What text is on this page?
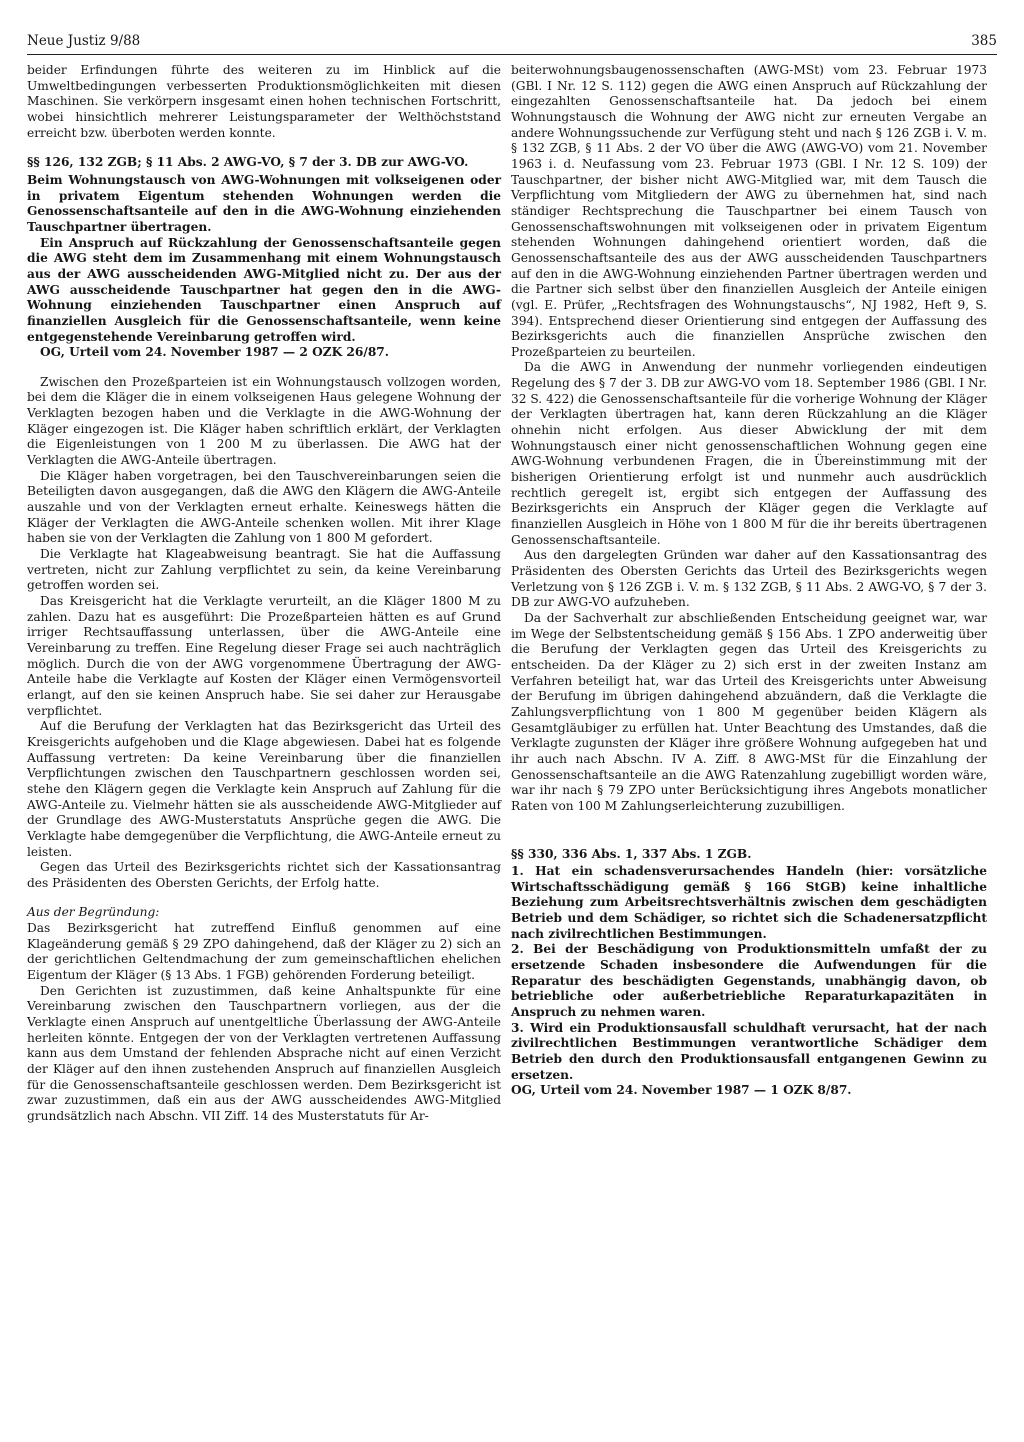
Neue Justiz 9/88	385

beider Erfindungen führte des weiteren zu im Hinblick auf die Umweltbedingungen verbesserten Produktionsmöglichkeiten mit diesen Maschinen. Sie verkörpern insgesamt einen hohen technischen Fortschritt, wobei hinsichtlich mehrerer Leistungsparameter der Welthöchststand erreicht bzw. überboten werden konnte.

§§ 126, 132 ZGB; § 11 Abs. 2 AWG-VO, § 7 der 3. DB zur AWG-VO.

Beim Wohnungstausch von AWG-Wohnungen mit volkseigenen oder in privatem Eigentum stehenden Wohnungen werden die Genossenschaftsanteile auf den in die AWG-Wohnung einziehenden Tauschpartner übertragen.

Ein Anspruch auf Rückzahlung der Genossenschaftsanteile gegen die AWG steht dem im Zusammenhang mit einem Wohnungstausch aus der AWG ausscheidenden AWG-Mitglied nicht zu. Der aus der AWG ausscheidende Tauschpartner hat gegen den in die AWG-Wohnung einziehenden Tauschpartner einen Anspruch auf finanziellen Ausgleich für die Genossenschaftsanteile, wenn keine entgegenstehende Vereinbarung getroffen wird.

OG, Urteil vom 24. November 1987 — 2 OZK 26/87.

Zwischen den Prozeßparteien ist ein Wohnungstausch vollzogen worden, bei dem die Kläger die in einem volkseigenen Haus gelegene Wohnung der Verklagten bezogen haben und die Verklagte in die AWG-Wohnung der Kläger eingezogen ist. Die Kläger haben schriftlich erklärt, der Verklagten die Eigenleistungen von 1 200 M zu überlassen. Die AWG hat der Verklagten die AWG-Anteile übertragen.

Die Kläger haben vorgetragen, bei den Tauschvereinbarungen seien die Beteiligten davon ausgegangen, daß die AWG den Klägern die AWG-Anteile auszahle und von der Verklagten erneut erhalte. Keineswegs hätten die Kläger der Verklagten die AWG-Anteile schenken wollen. Mit ihrer Klage haben sie von der Verklagten die Zahlung von 1 800 M gefordert.

Die Verklagte hat Klageabweisung beantragt. Sie hat die Auffassung vertreten, nicht zur Zahlung verpflichtet zu sein, da keine Vereinbarung getroffen worden sei.

Das Kreisgericht hat die Verklagte verurteilt, an die Kläger 1800 M zu zahlen. Dazu hat es ausgeführt: Die Prozeßparteien hätten es auf Grund irriger Rechtsauffassung unterlassen, über die AWG-Anteile eine Vereinbarung zu treffen. Eine Regelung dieser Frage sei auch nachträglich möglich. Durch die von der AWG vorgenommene Übertragung der AWG-Anteile habe die Verklagte auf Kosten der Kläger einen Vermögensvorteil erlangt, auf den sie keinen Anspruch habe. Sie sei daher zur Herausgabe verpflichtet.

Auf die Berufung der Verklagten hat das Bezirksgericht das Urteil des Kreisgerichts aufgehoben und die Klage abgewiesen. Dabei hat es folgende Auffassung vertreten: Da keine Vereinbarung über die finanziellen Verpflichtungen zwischen den Tauschpartnern geschlossen worden sei, stehe den Klägern gegen die Verklagte kein Anspruch auf Zahlung für die AWG-Anteile zu. Vielmehr hätten sie als ausscheidende AWG-Mitglieder auf der Grundlage des AWG-Musterstatuts Ansprüche gegen die AWG. Die Verklagte habe demgegenüber die Verpflichtung, die AWG-Anteile erneut zu leisten.

Gegen das Urteil des Bezirksgerichts richtet sich der Kassationsantrag des Präsidenten des Obersten Gerichts, der Erfolg hatte.

Aus der Begründung:

Das Bezirksgericht hat zutreffend Einfluß genommen auf eine Klageänderung gemäß § 29 ZPO dahingehend, daß der Kläger zu 2) sich an der gerichtlichen Geltendmachung der zum gemeinschaftlichen ehelichen Eigentum der Kläger (§ 13 Abs. 1 FGB) gehörenden Forderung beteiligt.

Den Gerichten ist zuzustimmen, daß keine Anhaltspunkte für eine Vereinbarung zwischen den Tauschpartnern vorliegen, aus der die Verklagte einen Anspruch auf unentgeltliche Überlassung der AWG-Anteile herleiten könnte. Entgegen der von der Verklagten vertretenen Auffassung kann aus dem Umstand der fehlenden Absprache nicht auf einen Verzicht der Kläger auf den ihnen zustehenden Anspruch auf finanziellen Ausgleich für die Genossenschaftsanteile geschlossen werden. Dem Bezirksgericht ist zwar zuzustimmen, daß ein aus der AWG ausscheidendes AWG-Mitglied grundsätzlich nach Abschn. VII Ziff. 14 des Musterstatuts für Ar-

beiterwohnungsbaugenossenschaften (AWG-MSt) vom 23. Februar 1973 (GBl. I Nr. 12 S. 112) gegen die AWG einen Anspruch auf Rückzahlung der eingezahlten Genossenschaftsanteile hat. Da jedoch bei einem Wohnungstausch die Wohnung der AWG nicht zur erneuten Vergabe an andere Wohnungssuchende zur Verfügung steht und nach § 126 ZGB i. V. m. § 132 ZGB, § 11 Abs. 2 der VO über die AWG (AWG-VO) vom 21. November 1963 i. d. Neufassung vom 23. Februar 1973 (GBl. I Nr. 12 S. 109) der Tauschpartner, der bisher nicht AWG-Mitglied war, mit dem Tausch die Verpflichtung vom Mitgliedern der AWG zu übernehmen hat, sind nach ständiger Rechtsprechung die Tauschpartner bei einem Tausch von Genossenschaftswohnungen mit volkseigenen oder in privatem Eigentum stehenden Wohnungen dahingehend orientiert worden, daß die Genossenschaftsanteile des aus der AWG ausscheidenden Tauschpartners auf den in die AWG-Wohnung einziehenden Partner übertragen werden und die Partner sich selbst über den finanziellen Ausgleich der Anteile einigen (vgl. E. Prüfer, „Rechtsfragen des Wohnungstauschs“, NJ 1982, Heft 9, S. 394). Entsprechend dieser Orientierung sind entgegen der Auffassung des Bezirksgerichts auch die finanziellen Ansprüche zwischen den Prozeßparteien zu beurteilen.

Da die AWG in Anwendung der nunmehr vorliegenden eindeutigen Regelung des § 7 der 3. DB zur AWG-VO vom 18. September 1986 (GBl. I Nr. 32 S. 422) die Genossenschaftsanteile für die vorherige Wohnung der Kläger der Verklagten übertragen hat, kann deren Rückzahlung an die Kläger ohnehin nicht erfolgen. Aus dieser Abwicklung der mit dem Wohnungstausch einer nicht genossenschaftlichen Wohnung gegen eine AWG-Wohnung verbundenen Fragen, die in Übereinstimmung mit der bisherigen Orientierung erfolgt ist und nunmehr auch ausdrücklich rechtlich geregelt ist, ergibt sich entgegen der Auffassung des Bezirksgerichts ein Anspruch der Kläger gegen die Verklagte auf finanziellen Ausgleich in Höhe von 1 800 M für die ihr bereits übertragenen Genossenschaftsanteile.

Aus den dargelegten Gründen war daher auf den Kassationsantrag des Präsidenten des Obersten Gerichts das Urteil des Bezirksgerichts wegen Verletzung von § 126 ZGB i. V. m. § 132 ZGB, § 11 Abs. 2 AWG-VO, § 7 der 3. DB zur AWG-VO aufzuheben.

Da der Sachverhalt zur abschließenden Entscheidung geeignet war, war im Wege der Selbstentscheidung gemäß § 156 Abs. 1 ZPO anderweitig über die Berufung der Verklagten gegen das Urteil des Kreisgerichts zu entscheiden. Da der Kläger zu 2) sich erst in der zweiten Instanz am Verfahren beteiligt hat, war das Urteil des Kreisgerichts unter Abweisung der Berufung im übrigen dahingehend abzuändern, daß die Verklagte die Zahlungsverpflichtung von 1 800 M gegenüber beiden Klägern als Gesamtgläubiger zu erfüllen hat. Unter Beachtung des Umstandes, daß die Verklagte zugunsten der Kläger ihre größere Wohnung aufgegeben hat und ihr auch nach Abschn. IV A. Ziff. 8 AWG-MSt für die Einzahlung der Genossenschaftsanteile an die AWG Ratenzahlung zugebilligt worden wäre, war ihr nach § 79 ZPO unter Berücksichtigung ihres Angebots monatlicher Raten von 100 M Zahlungserleichterung zuzubilligen.

§§ 330, 336 Abs. 1, 337 Abs. 1 ZGB.

1. Hat ein schadensverursachendes Handeln (hier: vorsätzliche Wirtschaftsschädigung gemäß § 166 StGB) keine inhaltliche Beziehung zum Arbeitsrechtsverhältnis zwischen dem geschädigten Betrieb und dem Schädiger, so richtet sich die Schadenersatzpflicht nach zivilrechtlichen Bestimmungen.

2. Bei der Beschädigung von Produktionsmitteln umfaßt der zu ersetzende Schaden insbesondere die Aufwendungen für die Reparatur des beschädigten Gegenstands, unabhängig davon, ob betriebliche oder außerbetriebliche Reparaturkapazitäten in Anspruch zu nehmen waren.

3. Wird ein Produktionsausfall schuldhaft verursacht, hat der nach zivilrechtlichen Bestimmungen verantwortliche Schädiger dem Betrieb den durch den Produktionsausfall entgangenen Gewinn zu ersetzen.

OG, Urteil vom 24. November 1987 — 1 OZK 8/87.
